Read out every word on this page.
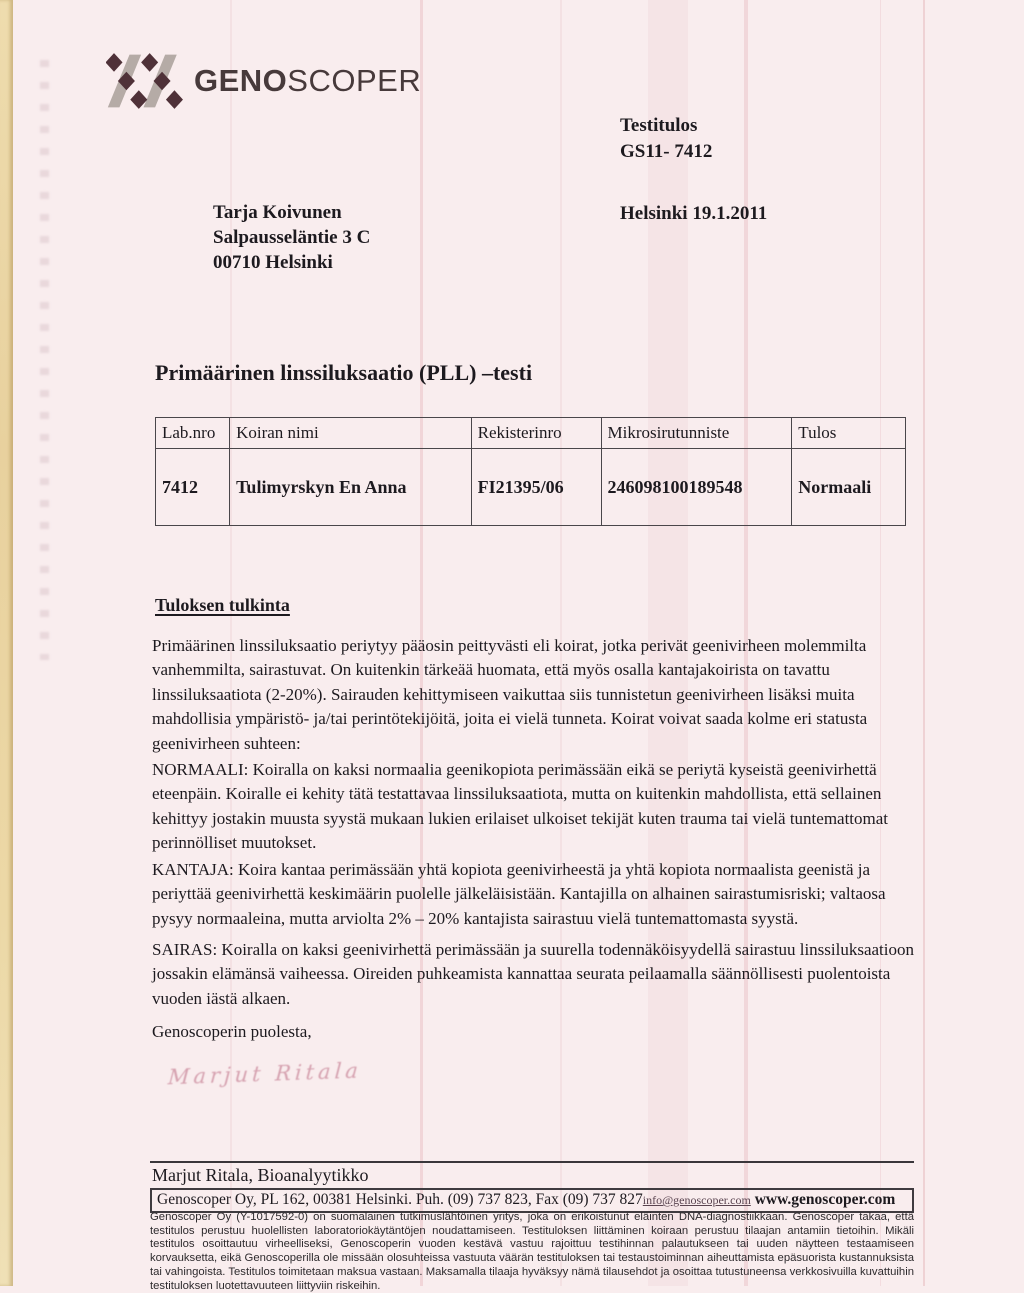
GENOSCOPER
Testitulos
GS11- 7412
Tarja Koivunen
Salpausseläntie 3 C
00710 Helsinki
Helsinki 19.1.2011
Primäärinen linssiluksaatio (PLL) –testi
Lab.nro	Koiran nimi	Rekisterinro	Mikrosirutunniste	Tulos
7412	Tulimyrskyn En Anna	FI21395/06	246098100189548	Normaali
Tuloksen tulkinta
Primäärinen linssiluksaatio periytyy pääosin peittyvästi eli koirat, jotka perivät geenivirheen molemmilta vanhemmilta, sairastuvat. On kuitenkin tärkeää huomata, että myös osalla kantajakoirista on tavattu linssiluksaatiota (2-20%). Sairauden kehittymiseen vaikuttaa siis tunnistetun geenivirheen lisäksi muita mahdollisia ympäristö- ja/tai perintötekijöitä, joita ei vielä tunneta. Koirat voivat saada kolme eri statusta geenivirheen suhteen:
NORMAALI: Koiralla on kaksi normaalia geenikopiota perimässään eikä se periytä kyseistä geenivirhettä eteenpäin. Koiralle ei kehity tätä testattavaa linssiluksaatiota, mutta on kuitenkin mahdollista, että sellainen kehittyy jostakin muusta syystä mukaan lukien erilaiset ulkoiset tekijät kuten trauma tai vielä tuntemattomat perinnölliset muutokset.
KANTAJA: Koira kantaa perimässään yhtä kopiota geenivirheestä ja yhtä kopiota normaalista geenistä ja periyttää geenivirhettä keskimäärin puolelle jälkeläisistään. Kantajilla on alhainen sairastumisriski; valtaosa pysyy normaaleina, mutta arviolta 2% – 20% kantajista sairastuu vielä tuntemattomasta syystä.
SAIRAS: Koiralla on kaksi geenivirhettä perimässään ja suurella todennäköisyydellä sairastuu linssiluksaatioon jossakin elämänsä vaiheessa. Oireiden puhkeamista kannattaa seurata peilaamalla säännöllisesti puolentoista vuoden iästä alkaen.
Genoscoperin puolesta,
Marjut Ritala
Marjut Ritala, Bioanalyytikko
Genoscoper Oy, PL 162, 00381 Helsinki. Puh. (09) 737 823, Fax (09) 737 827info@genoscoper.com www.genoscoper.com
Genoscoper Oy (Y-1017592-0) on suomalainen tutkimuslähtöinen yritys, joka on erikoistunut eläinten DNA-diagnostiikkaan. Genoscoper takaa, että testitulos perustuu huolellisten laboratoriokäytäntöjen noudattamiseen. Testituloksen liittäminen koiraan perustuu tilaajan antamiin tietoihin. Mikäli testitulos osoittautuu virheelliseksi, Genoscoperin vuoden kestävä vastuu rajoittuu testihinnan palautukseen tai uuden näytteen testaamiseen korvauksetta, eikä Genoscoperilla ole missään olosuhteissa vastuuta väärän testituloksen tai testaustoiminnan aiheuttamista epäsuorista kustannuksista tai vahingoista. Testitulos toimitetaan maksua vastaan. Maksamalla tilaaja hyväksyy nämä tilausehdot ja osoittaa tutustuneensa verkkosivuilla kuvattuihin testituloksen luotettavuuteen liittyviin riskeihin.
